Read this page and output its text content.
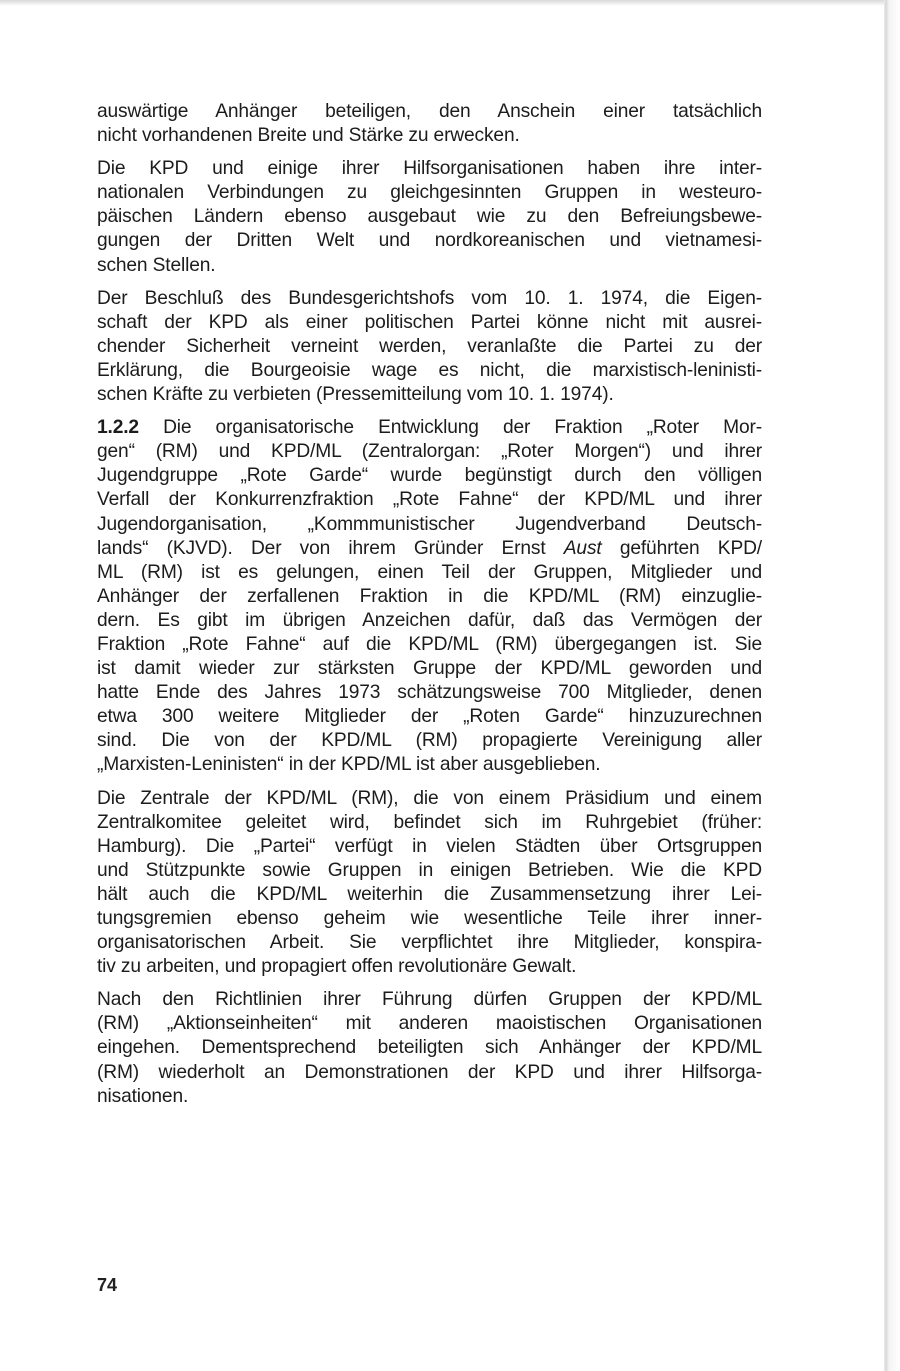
auswärtige Anhänger beteiligen, den Anschein einer tatsächlich
nicht vorhandenen Breite und Stärke zu erwecken.

Die KPD und einige ihrer Hilfsorganisationen haben ihre inter-
nationalen Verbindungen zu gleichgesinnten Gruppen in westeuro-
päischen Ländern ebenso ausgebaut wie zu den Befreiungsbewe-
gungen der Dritten Welt und nordkoreanischen und vietnamesi-
schen Stellen.

Der Beschluß des Bundesgerichtshofs vom 10. 1. 1974, die Eigen-
schaft der KPD als einer politischen Partei könne nicht mit ausrei-
chender Sicherheit verneint werden, veranlaßte die Partei zu der
Erklärung, die Bourgeoisie wage es nicht, die marxistisch-leninisti-
schen Kräfte zu verbieten (Pressemitteilung vom 10. 1. 1974).

1.2.2 Die organisatorische Entwicklung der Fraktion „Roter Mor-
gen“ (RM) und KPD/ML (Zentralorgan: „Roter Morgen“) und ihrer
Jugendgruppe „Rote Garde“ wurde begünstigt durch den völligen
Verfall der Konkurrenzfraktion „Rote Fahne“ der KPD/ML und ihrer
Jugendorganisation, „Kommmunistischer Jugendverband Deutsch-
lands“ (KJVD). Der von ihrem Gründer Ernst Aust geführten KPD/
ML (RM) ist es gelungen, einen Teil der Gruppen, Mitglieder und
Anhänger der zerfallenen Fraktion in die KPD/ML (RM) einzuglie-
dern. Es gibt im übrigen Anzeichen dafür, daß das Vermögen der
Fraktion „Rote Fahne“ auf die KPD/ML (RM) übergegangen ist. Sie
ist damit wieder zur stärksten Gruppe der KPD/ML geworden und
hatte Ende des Jahres 1973 schätzungsweise 700 Mitglieder, denen
etwa 300 weitere Mitglieder der „Roten Garde“ hinzuzurechnen
sind. Die von der KPD/ML (RM) propagierte Vereinigung aller
„Marxisten-Leninisten“ in der KPD/ML ist aber ausgeblieben.

Die Zentrale der KPD/ML (RM), die von einem Präsidium und einem
Zentralkomitee geleitet wird, befindet sich im Ruhrgebiet (früher:
Hamburg). Die „Partei“ verfügt in vielen Städten über Ortsgruppen
und Stützpunkte sowie Gruppen in einigen Betrieben. Wie die KPD
hält auch die KPD/ML weiterhin die Zusammensetzung ihrer Lei-
tungsgremien ebenso geheim wie wesentliche Teile ihrer inner-
organisatorischen Arbeit. Sie verpflichtet ihre Mitglieder, konspira-
tiv zu arbeiten, und propagiert offen revolutionäre Gewalt.

Nach den Richtlinien ihrer Führung dürfen Gruppen der KPD/ML
(RM) „Aktionseinheiten“ mit anderen maoistischen Organisationen
eingehen. Dementsprechend beteiligten sich Anhänger der KPD/ML
(RM) wiederholt an Demonstrationen der KPD und ihrer Hilfsorga-
nisationen.

74
